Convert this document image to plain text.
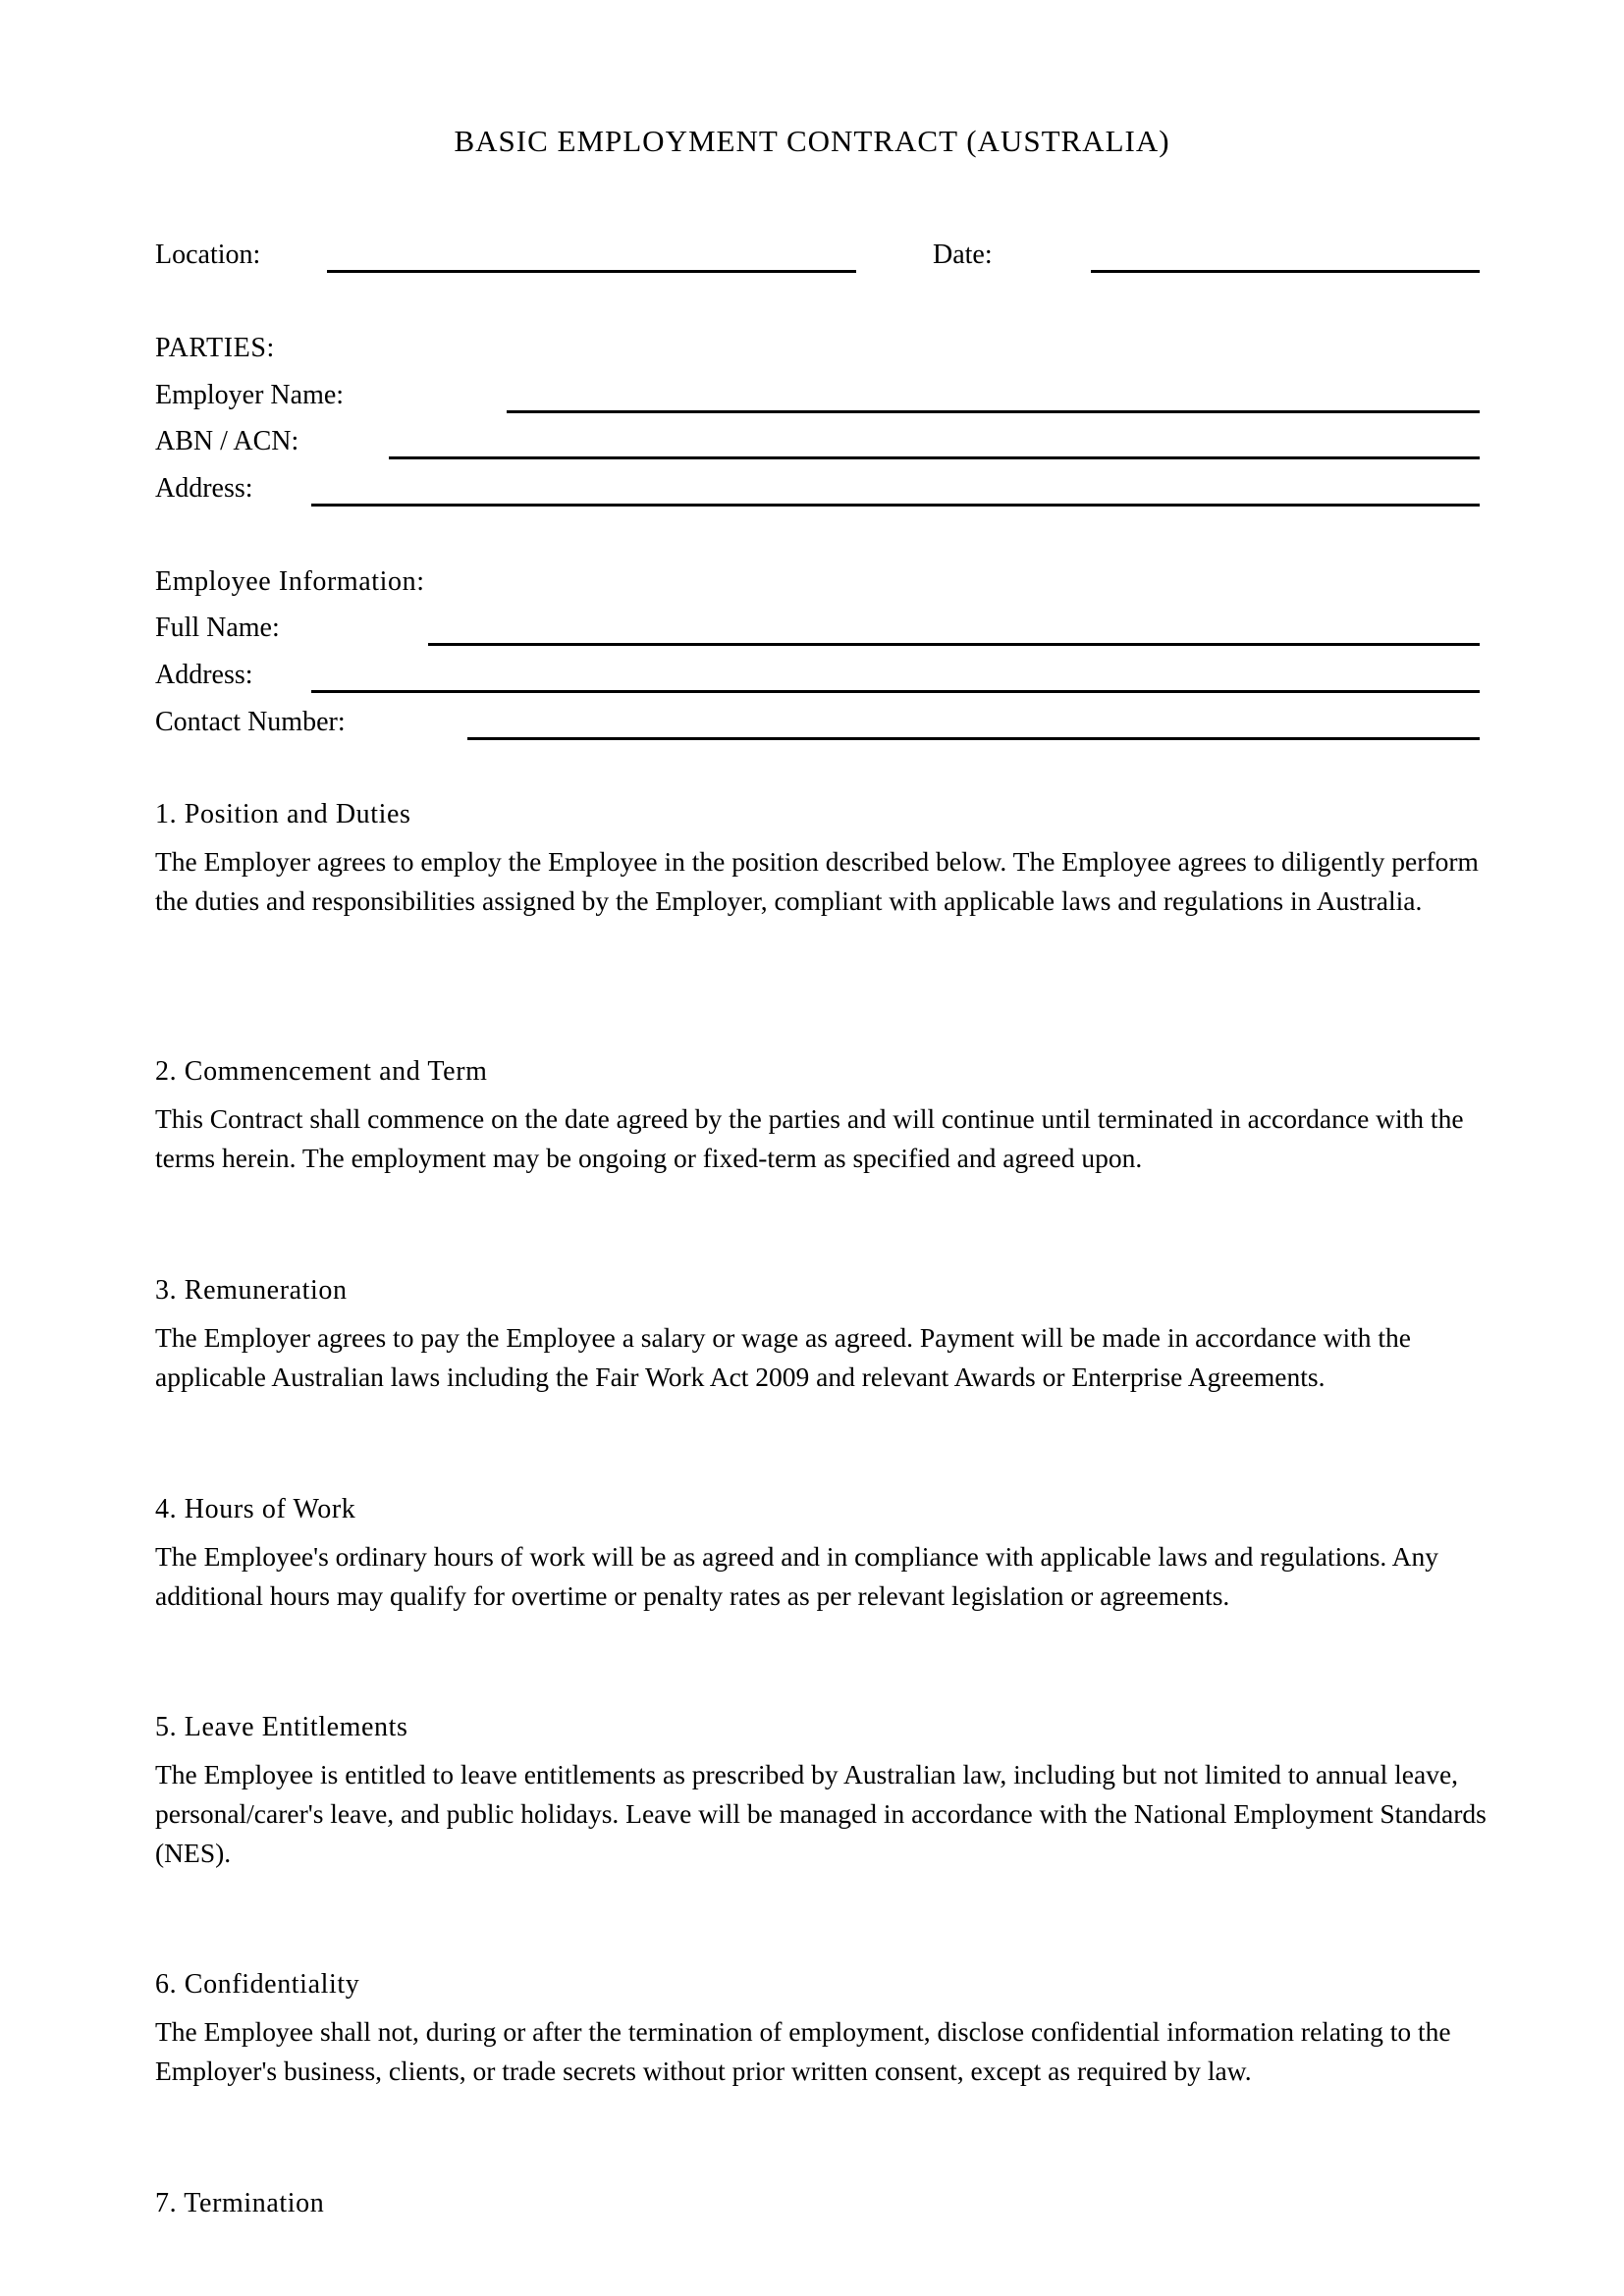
BASIC EMPLOYMENT CONTRACT (AUSTRALIA)
Location:	Date:
PARTIES:
Employer Name:
ABN / ACN:
Address:
Employee Information:
Full Name:
Address:
Contact Number:
1. Position and Duties

The Employer agrees to employ the Employee in the position described below. The Employee agrees to diligently perform the duties and responsibilities assigned by the Employer, compliant with applicable laws and regulations in Australia.

2. Commencement and Term

This Contract shall commence on the date agreed by the parties and will continue until terminated in accordance with the terms herein. The employment may be ongoing or fixed-term as specified and agreed upon.

3. Remuneration

The Employer agrees to pay the Employee a salary or wage as agreed. Payment will be made in accordance with the applicable Australian laws including the Fair Work Act 2009 and relevant Awards or Enterprise Agreements.

4. Hours of Work

The Employee's ordinary hours of work will be as agreed and in compliance with applicable laws and regulations. Any additional hours may qualify for overtime or penalty rates as per relevant legislation or agreements.

5. Leave Entitlements

The Employee is entitled to leave entitlements as prescribed by Australian law, including but not limited to annual leave, personal/carer's leave, and public holidays. Leave will be managed in accordance with the National Employment Standards (NES).

6. Confidentiality

The Employee shall not, during or after the termination of employment, disclose confidential information relating to the Employer's business, clients, or trade secrets without prior written consent, except as required by law.

7. Termination
